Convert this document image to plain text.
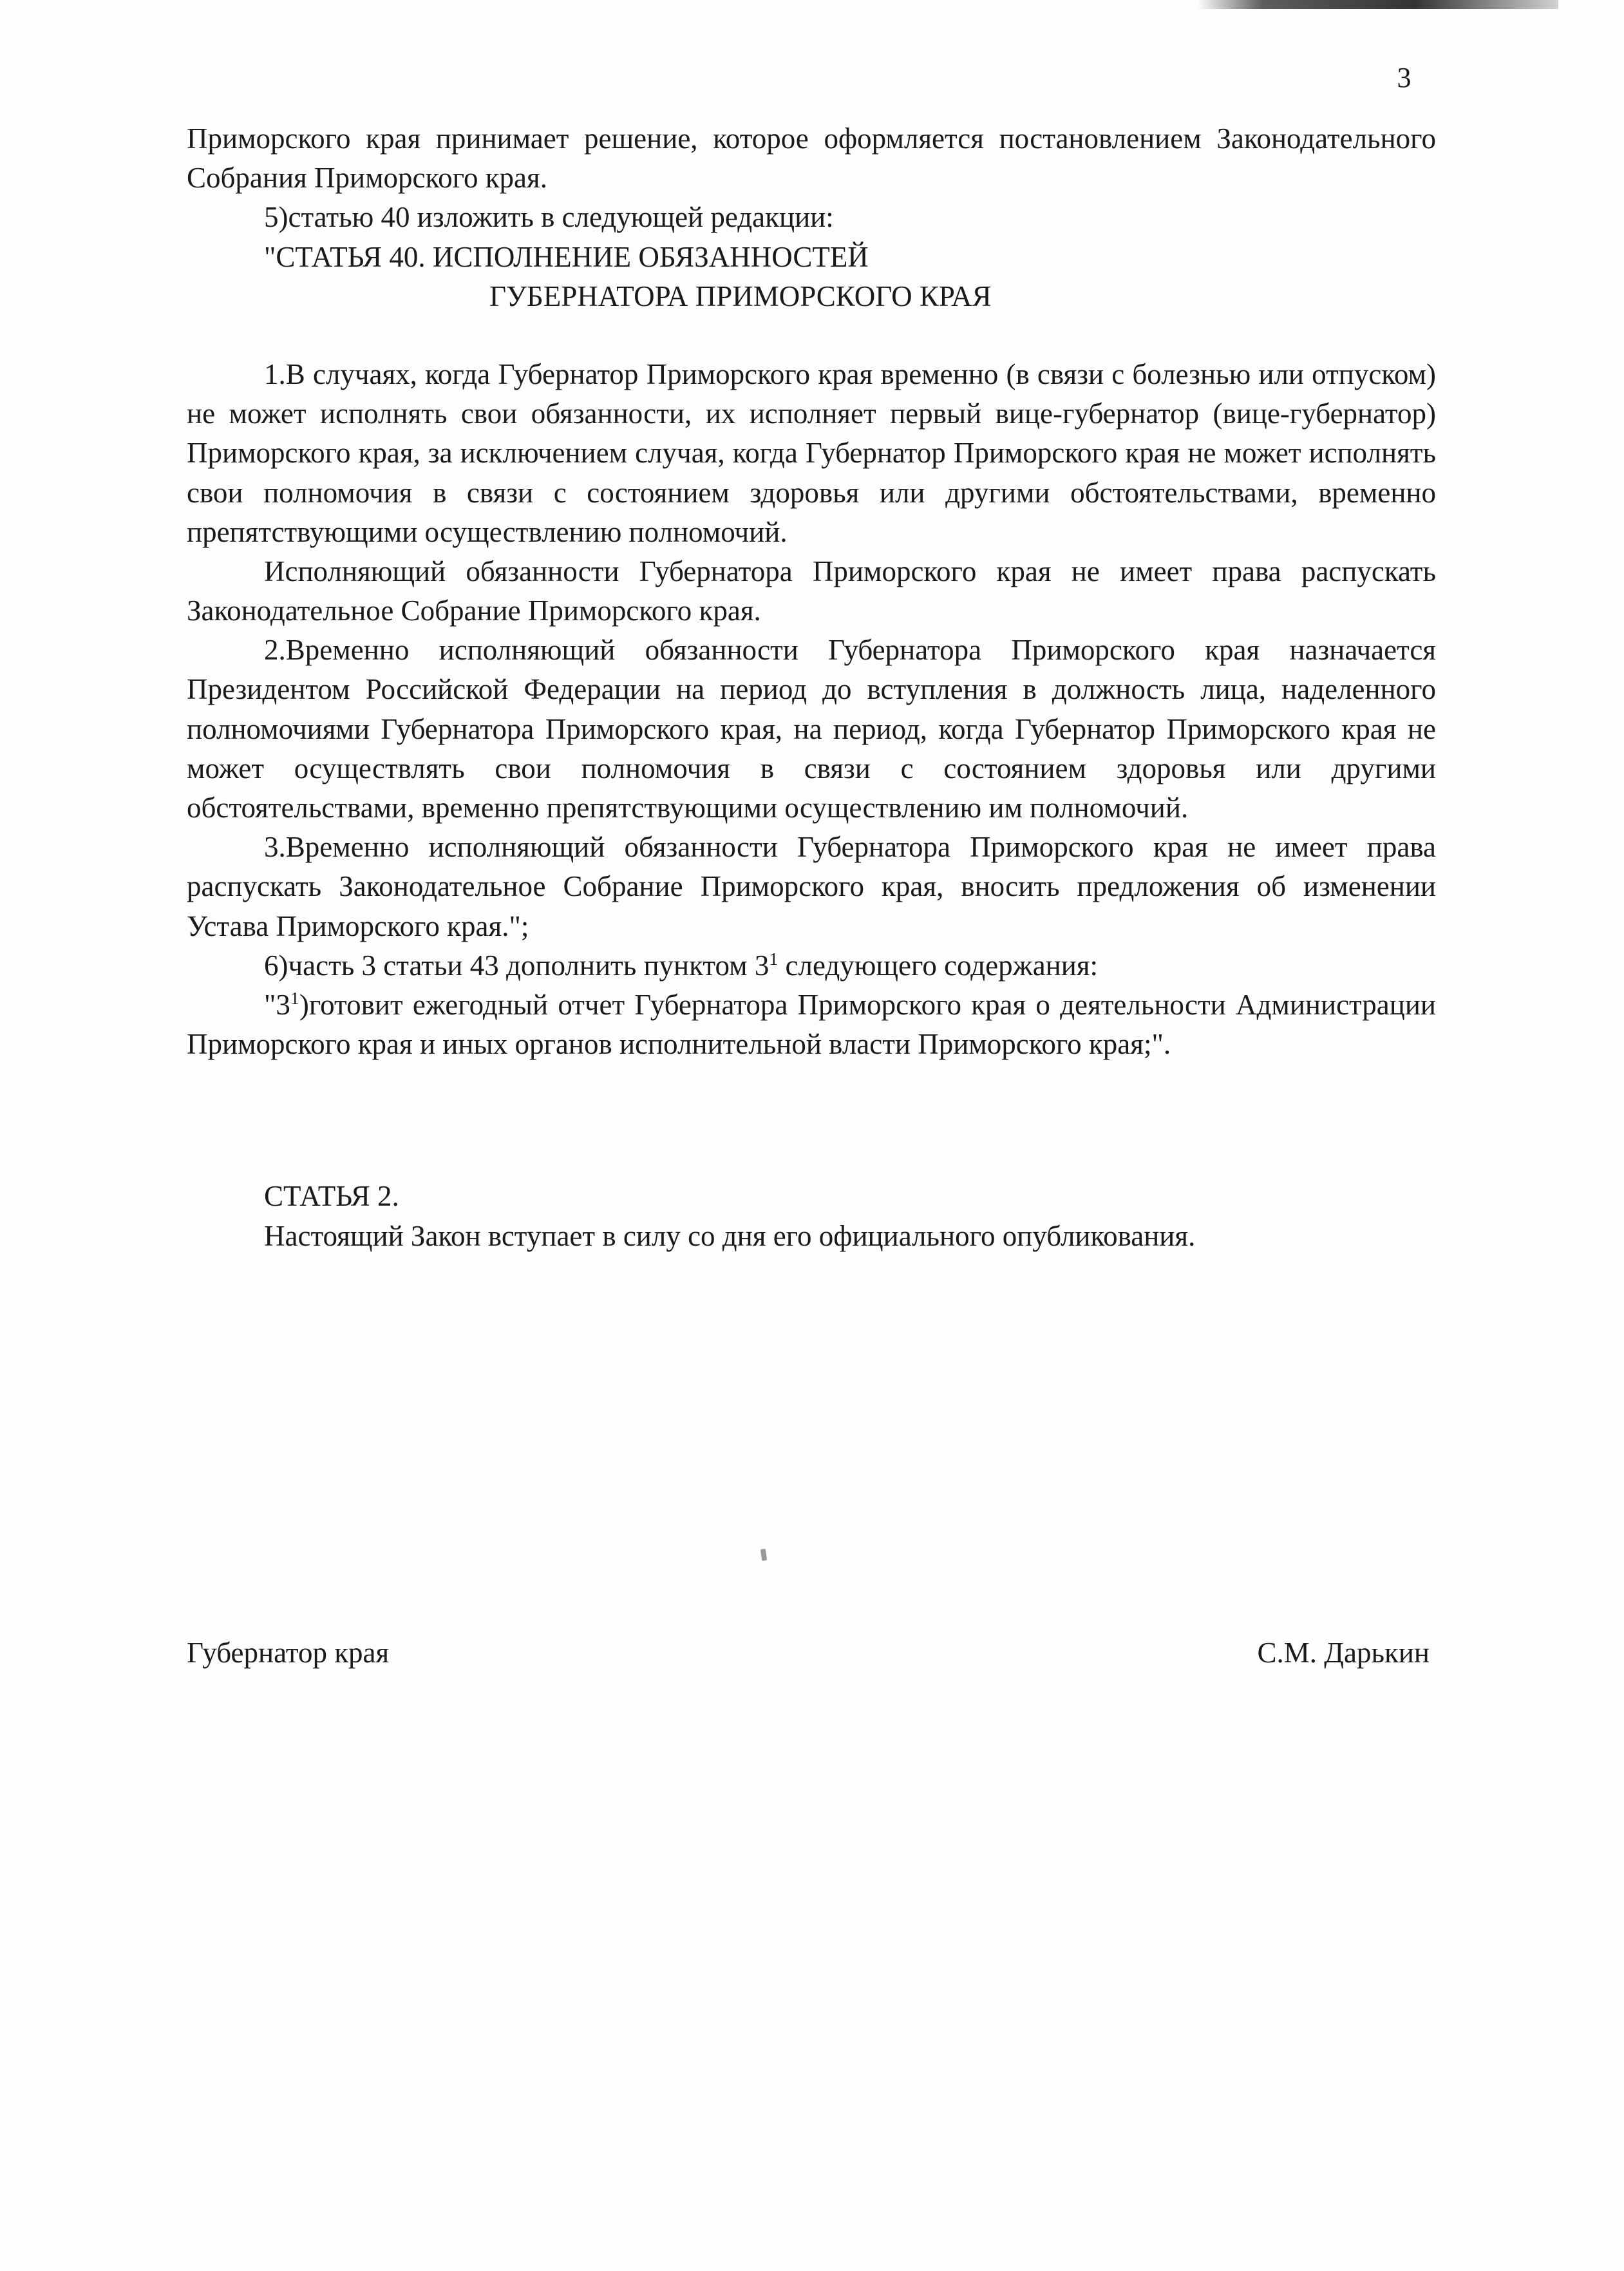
3

Приморского края принимает решение, которое оформляется постановлением Законодательного Собрания Приморского края.

5)статью 40 изложить в следующей редакции:

"СТАТЬЯ 40. ИСПОЛНЕНИЕ ОБЯЗАННОСТЕЙ

ГУБЕРНАТОРА ПРИМОРСКОГО КРАЯ

1.В случаях, когда Губернатор Приморского края временно (в связи с болезнью или отпуском) не может исполнять свои обязанности, их исполняет первый вице-губернатор (вице-губернатор) Приморского края, за исключением случая, когда Губернатор Приморского края не может исполнять свои полномочия в связи с состоянием здоровья или другими обстоятельствами, временно препятствующими осуществлению полномочий.

Исполняющий обязанности Губернатора Приморского края не имеет права распускать Законодательное Собрание Приморского края.

2.Временно исполняющий обязанности Губернатора Приморского края назначается Президентом Российской Федерации на период до вступления в должность лица, наделенного полномочиями Губернатора Приморского края, на период, когда Губернатор Приморского края не может осуществлять свои полномочия в связи с состоянием здоровья или другими обстоятельствами, временно препятствующими осуществлению им полномочий.

3.Временно исполняющий обязанности Губернатора Приморского края не имеет права распускать Законодательное Собрание Приморского края, вносить предложения об изменении Устава Приморского края.";

6)часть 3 статьи 43 дополнить пунктом $3^1$ следующего содержания:

"$3^1)готовит$ ежегодный отчет Губернатора Приморского края о деятельности Администрации Приморского края и иных органов исполнительной власти Приморского края;".

СТАТЬЯ 2.

Настоящий Закон вступает в силу со дня его официального опубликования.

Губернатор края	С.М. Дарькин
